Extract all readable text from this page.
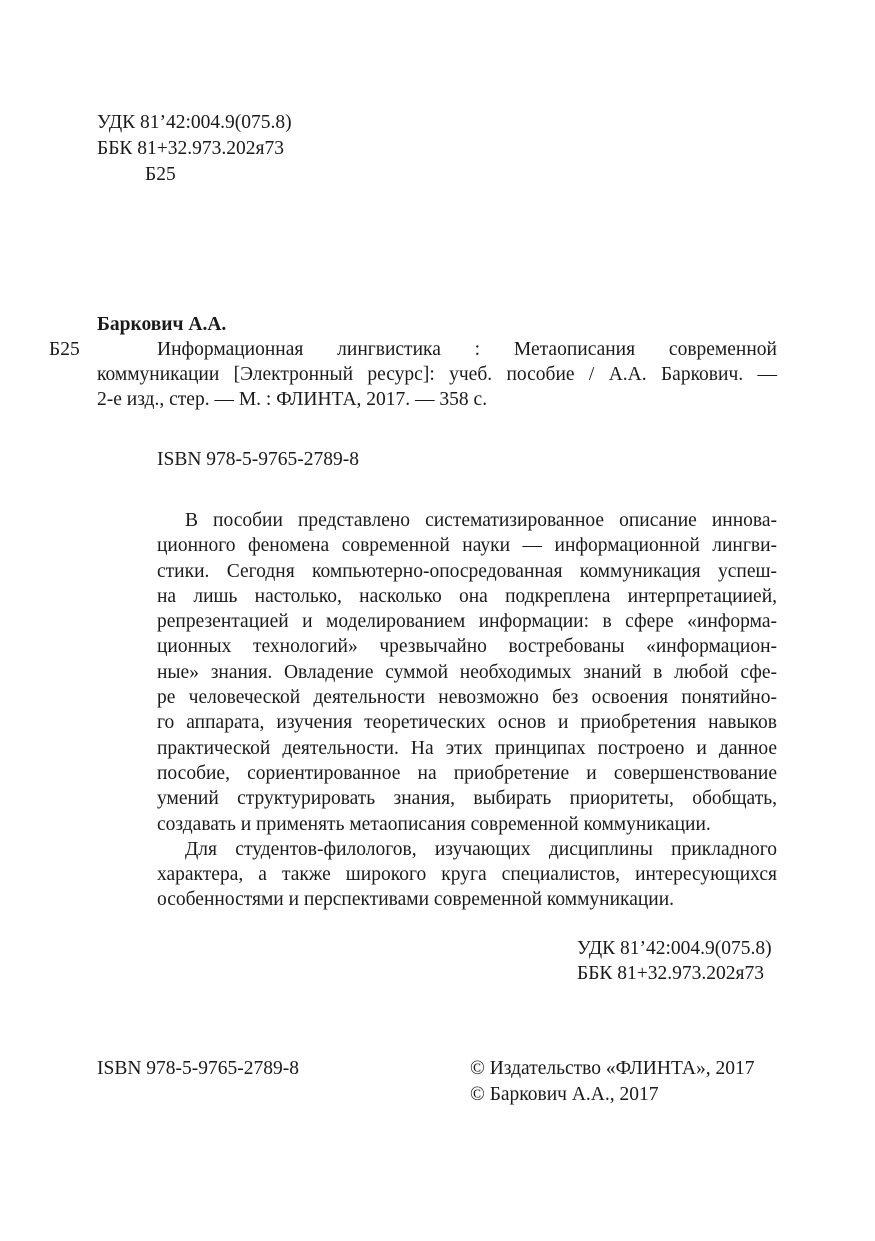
УДК 81’42:004.9(075.8)
ББК 81+32.973.202я73
Б25
Баркович А.А.
Б25	Информационная лингвистика : Метаописания современной
коммуникации [Электронный ресурс]: учеб. пособие / А.А. Баркович. —
2-е изд., стер. — М. : ФЛИНТА, 2017. — 358 с.
ISBN 978-5-9765-2789-8
В пособии представлено систематизированное описание иннова-
ционного феномена современной науки — информационной лингви-
стики. Сегодня компьютерно-опосредованная коммуникация успеш-
на лишь настолько, насколько она подкреплена интерпретациией,
репрезентацией и моделированием информации: в сфере «информа-
ционных технологий» чрезвычайно востребованы «информацион-
ные» знания. Овладение суммой необходимых знаний в любой сфе-
ре человеческой деятельности невозможно без освоения понятийно-
го аппарата, изучения теоретических основ и приобретения навыков
практической деятельности. На этих принципах построено и данное
пособие, сориентированное на приобретение и совершенствование
умений структурировать знания, выбирать приоритеты, обобщать,
создавать и применять метаописания современной коммуникации.
Для студентов-филологов, изучающих дисциплины прикладного
характера, а также широкого круга специалистов, интересующихся
особенностями и перспективами современной коммуникации.
УДК 81’42:004.9(075.8)
ББК 81+32.973.202я73
ISBN 978-5-9765-2789-8	© Издательство «ФЛИНТА», 2017
© Баркович А.А., 2017
